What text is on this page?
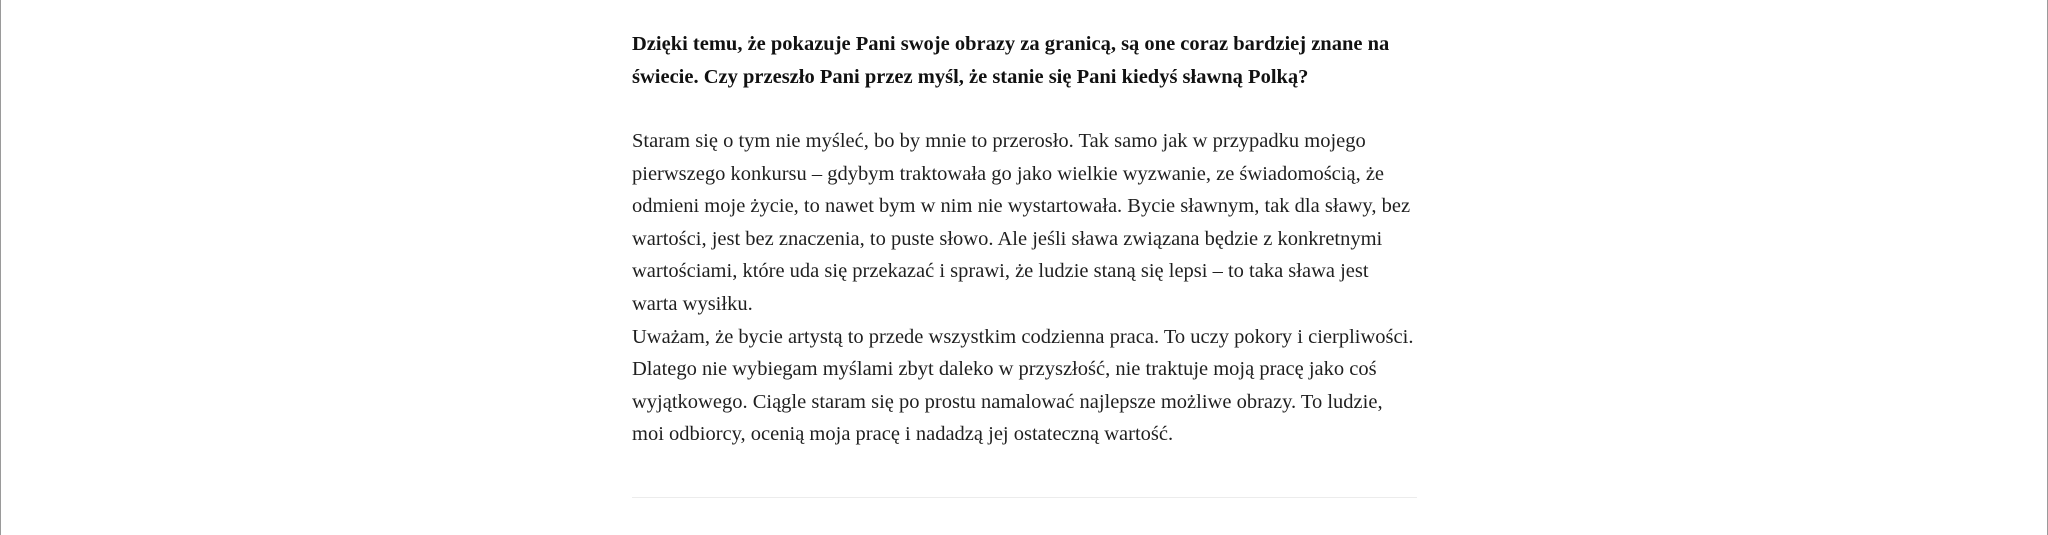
Dzięki temu, że pokazuje Pani swoje obrazy za granicą, są one coraz bardziej znane na świecie. Czy przeszło Pani przez myśl, że stanie się Pani kiedyś sławną Polką?

Staram się o tym nie myśleć, bo by mnie to przerosło. Tak samo jak w przypadku mojego pierwszego konkursu – gdybym traktowała go jako wielkie wyzwanie, ze świadomością, że odmieni moje życie, to nawet bym w nim nie wystartowała. Bycie sławnym, tak dla sławy, bez wartości, jest bez znaczenia, to puste słowo. Ale jeśli sława związana będzie z konkretnymi wartościami, które uda się przekazać i sprawi, że ludzie staną się lepsi – to taka sława jest warta wysiłku.

Uważam, że bycie artystą to przede wszystkim codzienna praca. To uczy pokory i cierpliwości. Dlatego nie wybiegam myślami zbyt daleko w przyszłość, nie traktuje moją pracę jako coś wyjątkowego. Ciągle staram się po prostu namalować najlepsze możliwe obrazy. To ludzie, moi odbiorcy, ocenią moja pracę i nadadzą jej ostateczną wartość.
